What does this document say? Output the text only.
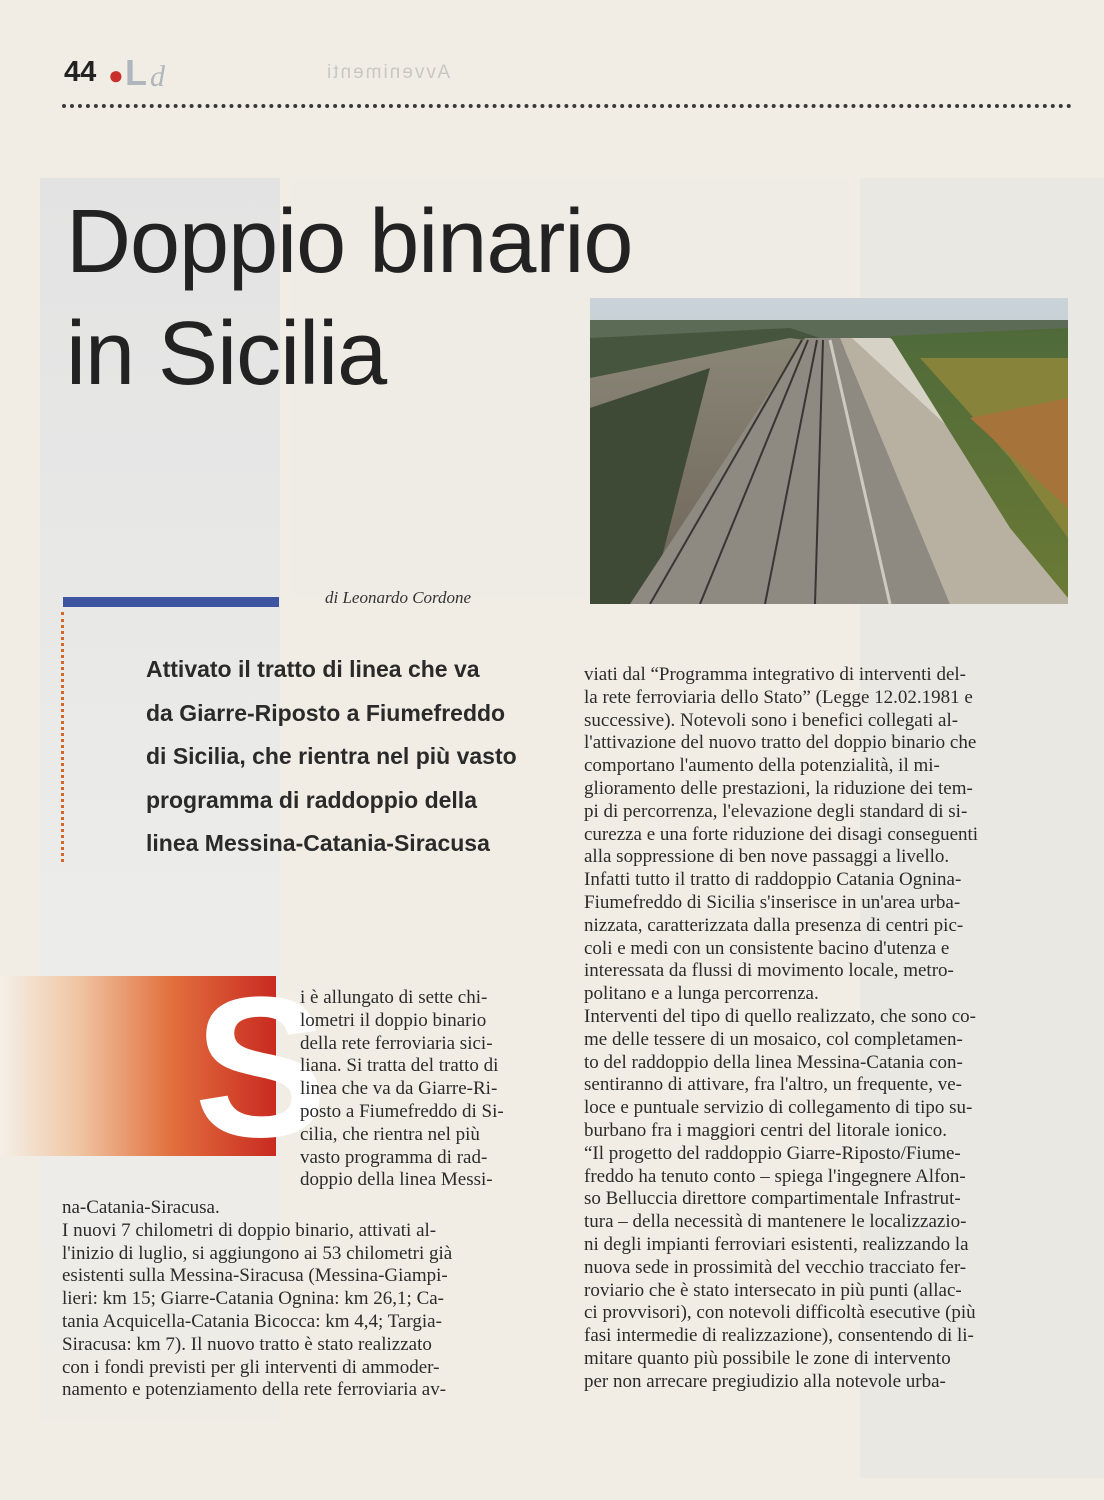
44 ● L d	Avvenimenti
Doppio binario
in Sicilia
di Leonardo Cordone

Attivato il tratto di linea che va
da Giarre-Riposto a Fiumefreddo
di Sicilia, che rientra nel più vasto
programma di raddoppio della
linea Messina-Catania-Siracusa

S
i è allungato di sette chi-
lometri il doppio binario
della rete ferroviaria sici-
liana. Si tratta del tratto di
linea che va da Giarre-Ri-
posto a Fiumefreddo di Si-
cilia, che rientra nel più
vasto programma di rad-
doppio della linea Messi-
na-Catania-Siracusa.
I nuovi 7 chilometri di doppio binario, attivati al-
l'inizio di luglio, si aggiungono ai 53 chilometri già
esistenti sulla Messina-Siracusa (Messina-Giampi-
lieri: km 15; Giarre-Catania Ognina: km 26,1; Ca-
tania Acquicella-Catania Bicocca: km 4,4; Targia-
Siracusa: km 7). Il nuovo tratto è stato realizzato
con i fondi previsti per gli interventi di ammoder-
namento e potenziamento della rete ferroviaria av-
viati dal “Programma integrativo di interventi del-
la rete ferroviaria dello Stato” (Legge 12.02.1981 e
successive). Notevoli sono i benefici collegati al-
l'attivazione del nuovo tratto del doppio binario che
comportano l'aumento della potenzialità, il mi-
glioramento delle prestazioni, la riduzione dei tem-
pi di percorrenza, l'elevazione degli standard di si-
curezza e una forte riduzione dei disagi conseguenti
alla soppressione di ben nove passaggi a livello.
Infatti tutto il tratto di raddoppio Catania Ognina-
Fiumefreddo di Sicilia s'inserisce in un'area urba-
nizzata, caratterizzata dalla presenza di centri pic-
coli e medi con un consistente bacino d'utenza e
interessata da flussi di movimento locale, metro-
politano e a lunga percorrenza.
Interventi del tipo di quello realizzato, che sono co-
me delle tessere di un mosaico, col completamen-
to del raddoppio della linea Messina-Catania con-
sentiranno di attivare, fra l'altro, un frequente, ve-
loce e puntuale servizio di collegamento di tipo su-
burbano fra i maggiori centri del litorale ionico.
“Il progetto del raddoppio Giarre-Riposto/Fiume-
freddo ha tenuto conto – spiega l'ingegnere Alfon-
so Belluccia direttore compartimentale Infrastrut-
tura – della necessità di mantenere le localizzazio-
ni degli impianti ferroviari esistenti, realizzando la
nuova sede in prossimità del vecchio tracciato fer-
roviario che è stato intersecato in più punti (allac-
ci provvisori), con notevoli difficoltà esecutive (più
fasi intermedie di realizzazione), consentendo di li-
mitare quanto più possibile le zone di intervento
per non arrecare pregiudizio alla notevole urba-
